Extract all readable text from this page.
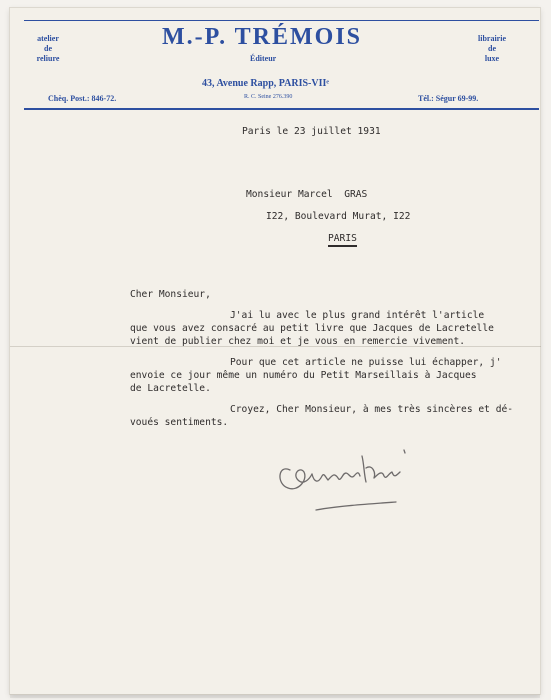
atelier
de
reliure
M.-P. TRÉMOIS
Éditeur
librairie
de
luxe
43, Avenue Rapp, PARIS-VIIᵉ
R. C. Seine 276.390
Chèq. Post.: 846-72.	Tél.: Ségur 69-99.
Paris le 23 juillet 1931
Monsieur Marcel  GRAS
I22, Boulevard Murat, I22
PARIS
Cher Monsieur,
J'ai lu avec le plus grand intérêt l'article
que vous avez consacré au petit livre que Jacques de Lacretelle
vient de publier chez moi et je vous en remercie vivement.
Pour que cet article ne puisse lui échapper, j'
envoie ce jour même un numéro du Petit Marseillais à Jacques
de Lacretelle.
Croyez, Cher Monsieur, à mes très sincères et dé-
voués sentiments.
